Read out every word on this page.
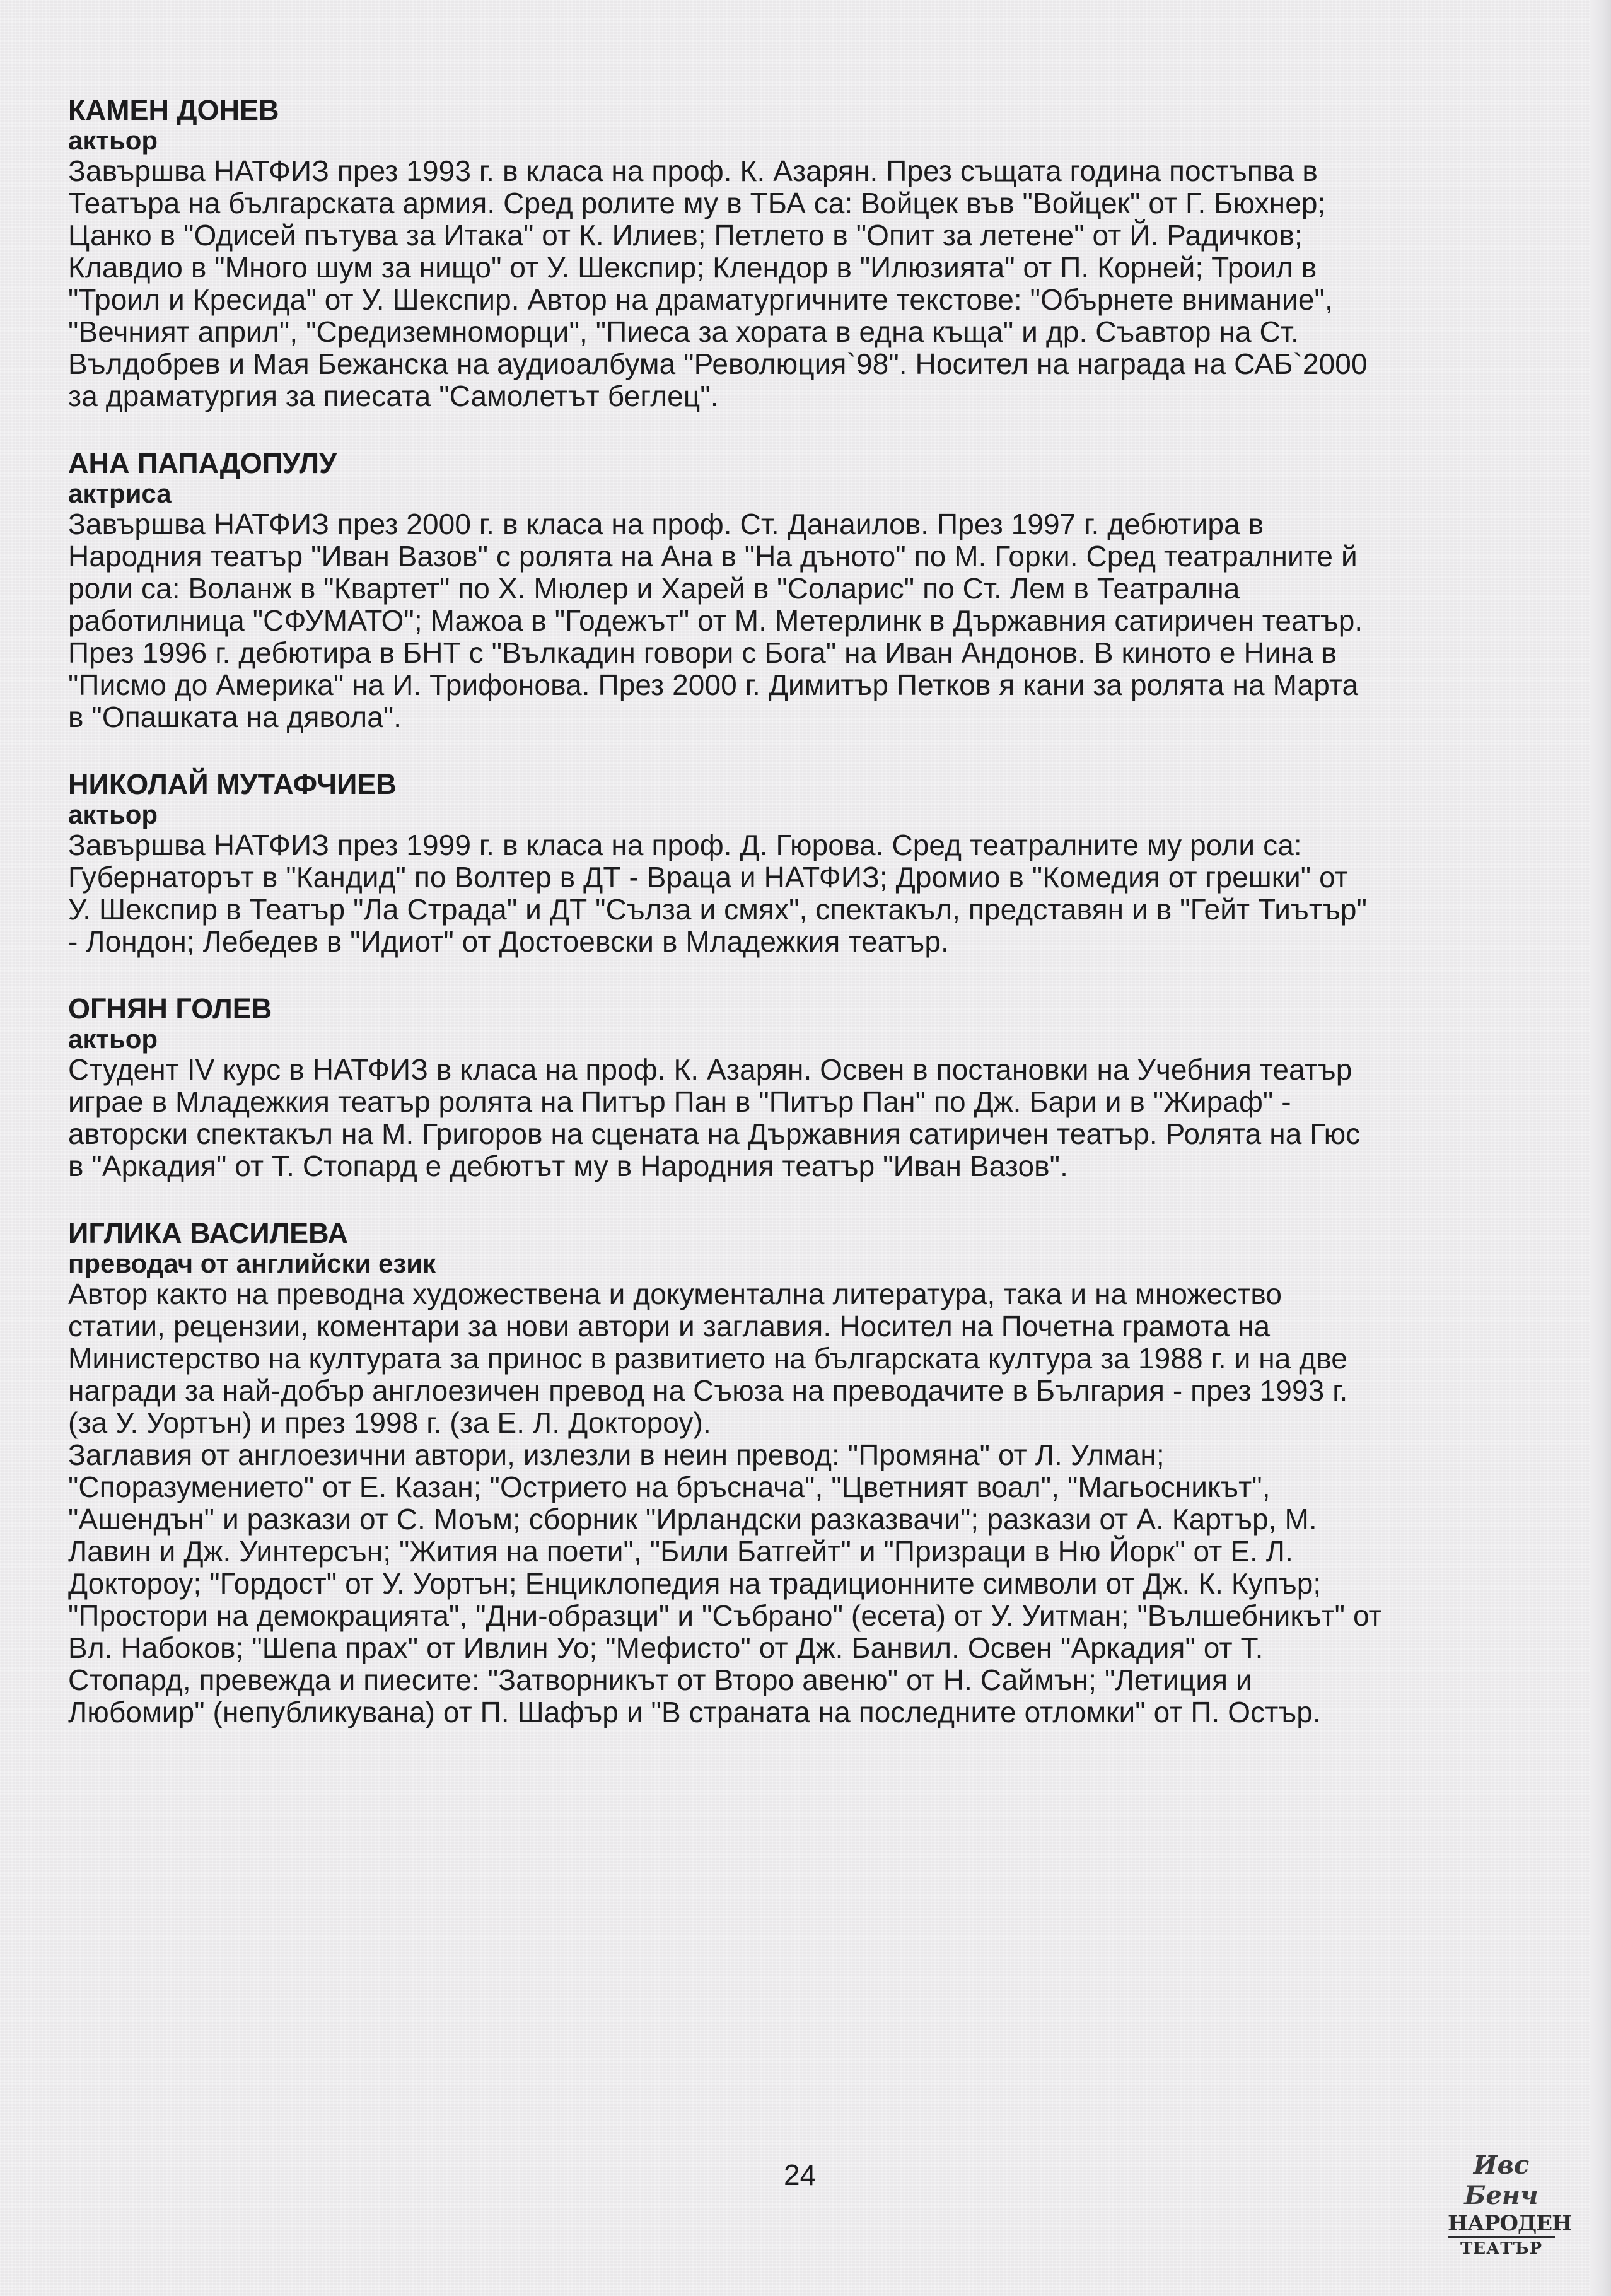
КАМЕН ДОНЕВ
актьор
Завършва НАТФИЗ през 1993 г. в класа на проф. К. Азарян. През същата година постъпва в
Театъра на българската армия. Сред ролите му в ТБА са: Войцек във "Войцек" от Г. Бюхнер;
Цанко в "Одисей пътува за Итака" от К. Илиев; Петлето в "Опит за летене" от Й. Радичков;
Клавдио в "Много шум за нищо" от У. Шекспир; Клендор в "Илюзията" от П. Корней; Троил в
"Троил и Кресида" от У. Шекспир. Автор на драматургичните текстове: "Обърнете внимание",
"Вечният април", "Средиземноморци", "Пиеса за хората в една къща" и др. Съавтор на Ст.
Вълдобрев и Мая Бежанска на аудиоалбума "Революция`98". Носител на награда на САБ`2000
за драматургия за пиесата "Самолетът беглец".
АНА ПАПАДОПУЛУ
актриса
Завършва НАТФИЗ през 2000 г. в класа на проф. Ст. Данаилов. През 1997 г. дебютира в
Народния театър "Иван Вазов" с ролята на Ана в "На дъното" по М. Горки. Сред театралните й
роли са: Воланж в "Квартет" по Х. Мюлер и Харей в "Соларис" по Ст. Лем в Театрална
работилница "СФУМАТО"; Мажоа в "Годежът" от М. Метерлинк в Държавния сатиричен театър.
През 1996 г. дебютира в БНТ с "Вълкадин говори с Бога" на Иван Андонов. В киното е Нина в
"Писмо до Америка" на И. Трифонова. През 2000 г. Димитър Петков я кани за ролята на Марта
в "Опашката на дявола".
НИКОЛАЙ МУТАФЧИЕВ
актьор
Завършва НАТФИЗ през 1999 г. в класа на проф. Д. Гюрова. Сред театралните му роли са:
Губернаторът в "Кандид" по Волтер в ДТ - Враца и НАТФИЗ; Дромио в "Комедия от грешки" от
У. Шекспир в Театър "Ла Страда" и ДТ "Сълза и смях", спектакъл, представян и в "Гейт Тиътър"
- Лондон; Лебедев в "Идиот" от Достоевски в Младежкия театър.
ОГНЯН ГОЛЕВ
актьор
Студент IV курс в НАТФИЗ в класа на проф. К. Азарян. Освен в постановки на Учебния театър
играе в Младежкия театър ролята на Питър Пан в "Питър Пан" по Дж. Бари и в "Жираф" -
авторски спектакъл на М. Григоров на сцената на Държавния сатиричен театър. Ролята на Гюс
в "Аркадия" от Т. Стопард е дебютът му в Народния театър "Иван Вазов".
ИГЛИКА ВАСИЛЕВА
преводач от английски език
Автор както на преводна художествена и документална литература, така и на множество
статии, рецензии, коментари за нови автори и заглавия. Носител на Почетна грамота на
Министерство на културата за принос в развитието на българската култура за 1988 г. и на две
награди за най-добър англоезичен превод на Съюза на преводачите в България - през 1993 г.
(за У. Уортън) и през 1998 г. (за Е. Л. Доктороу).
Заглавия от англоезични автори, излезли в неин превод: "Промяна" от Л. Улман;
"Споразумението" от Е. Казан; "Острието на бръснача", "Цветният воал", "Магьосникът",
"Ашендън" и разкази от С. Моъм; сборник "Ирландски разказвачи"; разкази от А. Картър, М.
Лавин и Дж. Уинтерсън; "Жития на поети", "Били Батгейт" и "Призраци в Ню Йорк" от Е. Л.
Доктороу; "Гордост" от У. Уортън; Енциклопедия на традиционните символи от Дж. К. Купър;
"Простори на демокрацията", "Дни-образци" и "Събрано" (есета) от У. Уитман; "Вълшебникът" от
Вл. Набоков; "Шепа прах" от Ивлин Уо; "Мефисто" от Дж. Банвил. Освен "Аркадия" от Т.
Стопард, превежда и пиесите: "Затворникът от Второ авеню" от Н. Саймън; "Летиция и
Любомир" (непубликувана) от П. Шафър и "В страната на последните отломки" от П. Остър.
24	Ивс Бенч
НАРОДЕН
ТЕАТЪР
